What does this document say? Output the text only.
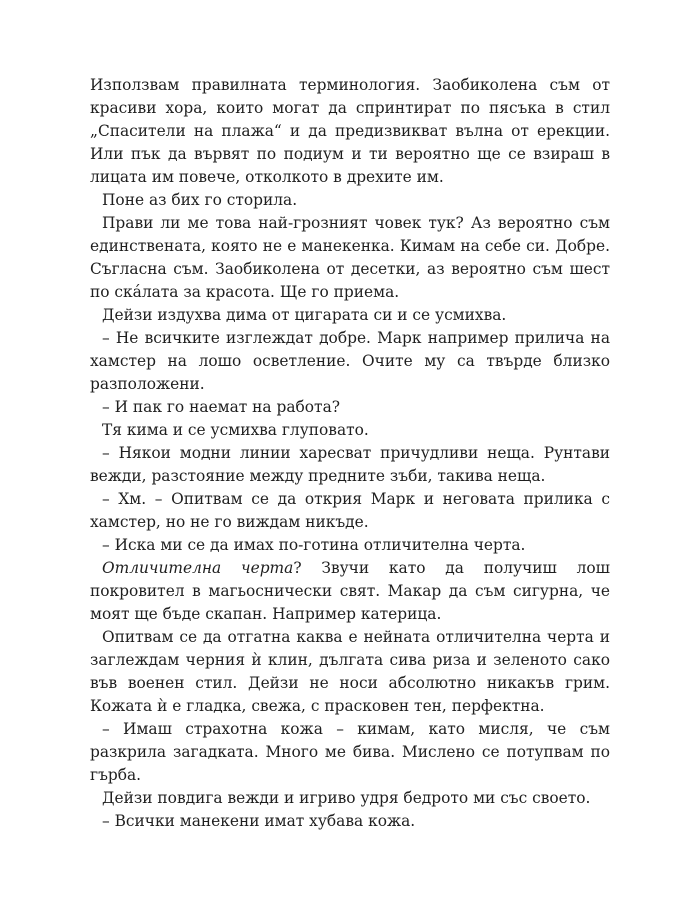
Използвам правилната терминология. Заобиколена съм от красиви хора, които могат да спринтират по пясъка в стил „Спасители на плажа“ и да предизвикват вълна от ерекции. Или пък да вървят по подиум и ти вероятно ще се взираш в лицата им повече, отколкото в дрехите им.

Поне аз бих го сторила.

Прави ли ме това най-грозният човек тук? Аз вероятно съм единствената, която не е манекенка. Кимам на себе си. Добре. Съгласна съм. Заобиколена от десетки, аз вероятно съм шест по ска́лата за красота. Ще го приема.

Дейзи издухва дима от цигарата си и се усмихва.

– Не всичките изглеждат добре. Марк например прилича на хамстер на лошо осветление. Очите му са твърде близко разположени.

– И пак го наемат на работа?

Тя кима и се усмихва глуповато.

– Някои модни линии харесват причудливи неща. Рунтави вежди, разстояние между предните зъби, такива неща.

– Хм. – Опитвам се да открия Марк и неговата прилика с хамстер, но не го виждам никъде.

– Иска ми се да имах по-готина отличителна черта.

Отличителна черта? Звучи като да получиш лош покровител в магьоснически свят. Макар да съм сигурна, че моят ще бъде скапан. Например катерица.

Опитвам се да отгатна каква е нейната отличителна черта и заглеждам черния ѝ клин, дългата сива риза и зеленото сако във военен стил. Дейзи не носи абсолютно никакъв грим. Кожата ѝ е гладка, свежа, с прасковен тен, перфектна.

– Имаш страхотна кожа – кимам, като мисля, че съм разкрила загадката. Много ме бива. Мислено се потупвам по гърба.

Дейзи повдига вежди и игриво удря бедрото ми със своето.

– Всички манекени имат хубава кожа.
